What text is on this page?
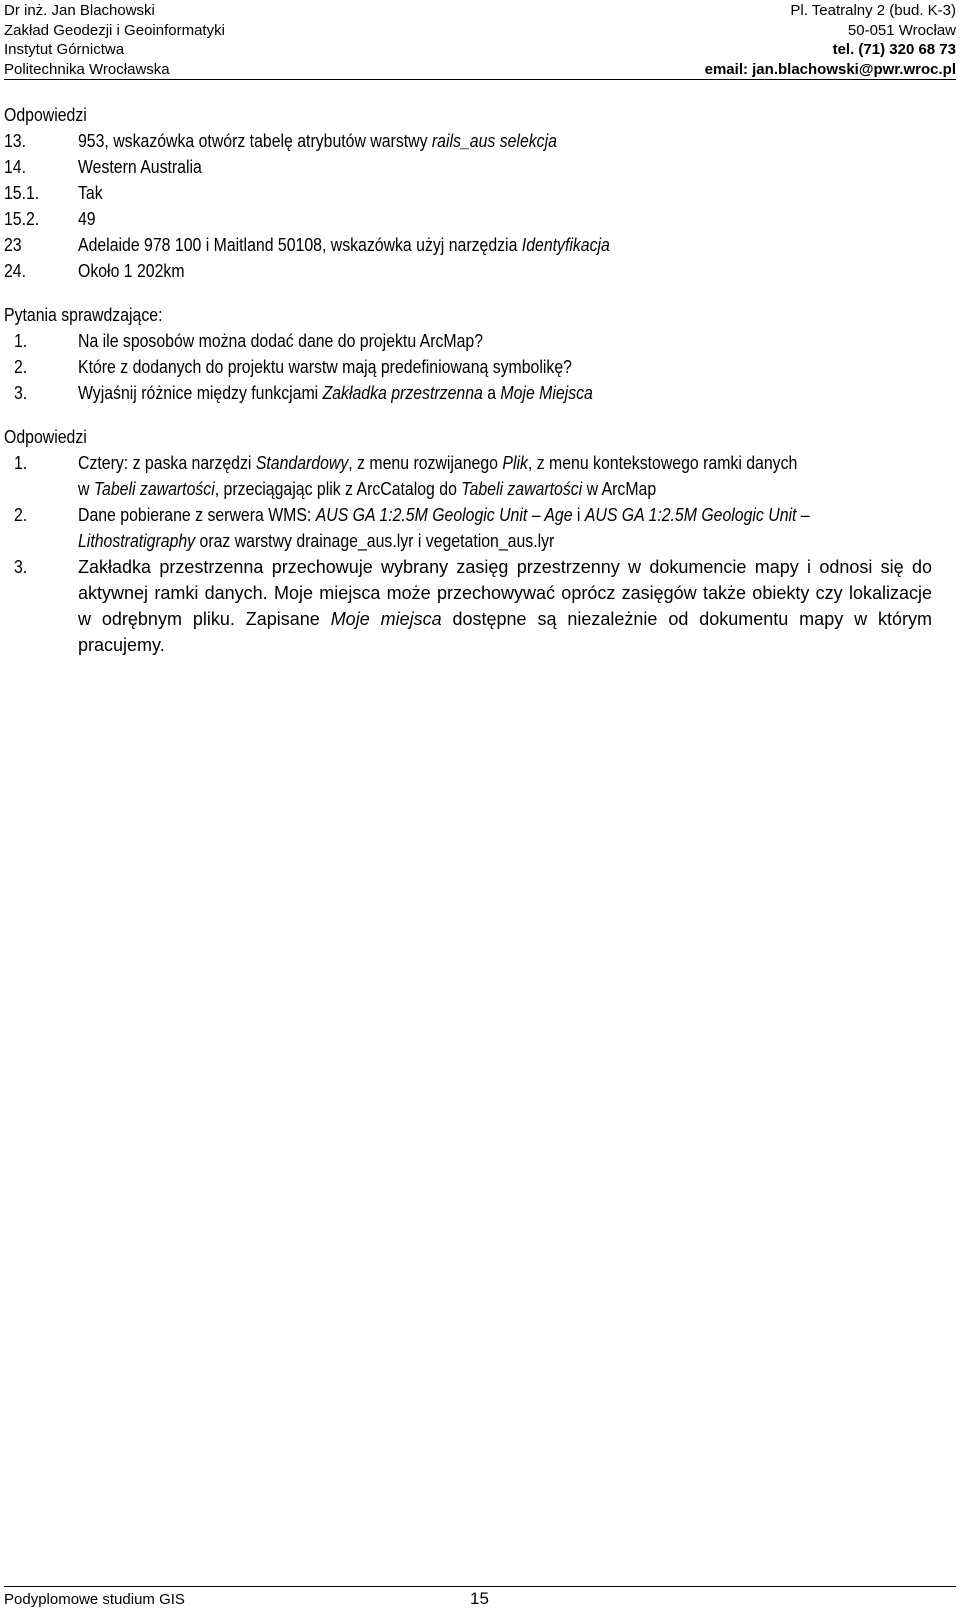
Dr inż. Jan Blachowski
Zakład Geodezji i Geoinformatyki
Instytut Górnictwa
Politechnika Wrocławska
Pl. Teatralny 2 (bud. K-3)
50-051 Wrocław
tel. (71) 320 68 73
email: jan.blachowski@pwr.wroc.pl
Odpowiedzi
13.	953, wskazówka otwórz tabelę atrybutów warstwy rails_aus selekcja
14.	Western Australia
15.1. Tak
15.2. 49
23	Adelaide 978 100 i Maitland 50108, wskazówka użyj narzędzia Identyfikacja
24.	Około 1 202km
Pytania sprawdzające:
1.	Na ile sposobów można dodać dane do projektu ArcMap?
2.	Które z dodanych do projektu warstw mają predefiniowaną symbolikę?
3.	Wyjaśnij różnice między funkcjami Zakładka przestrzenna a Moje Miejsca
Odpowiedzi
1.	Cztery: z paska narzędzi Standardowy, z menu rozwijanego Plik, z menu kontekstowego ramki danych
w Tabeli zawartości, przeciągając plik z ArcCatalog do Tabeli zawartości w ArcMap
2.	Dane pobierane z serwera WMS: AUS GA 1:2.5M Geologic Unit – Age i AUS GA 1:2.5M Geologic Unit –
Lithostratigraphy oraz warstwy drainage_aus.lyr i vegetation_aus.lyr
3.	Zakładka przestrzenna przechowuje wybrany zasięg przestrzenny w dokumencie mapy i odnosi się do aktywnej ramki danych. Moje miejsca może przechowywać oprócz zasięgów także obiekty czy lokalizacje w odrębnym pliku. Zapisane Moje miejsca dostępne są niezależnie od dokumentu mapy w którym pracujemy.
Podyplomowe studium GIS	15
